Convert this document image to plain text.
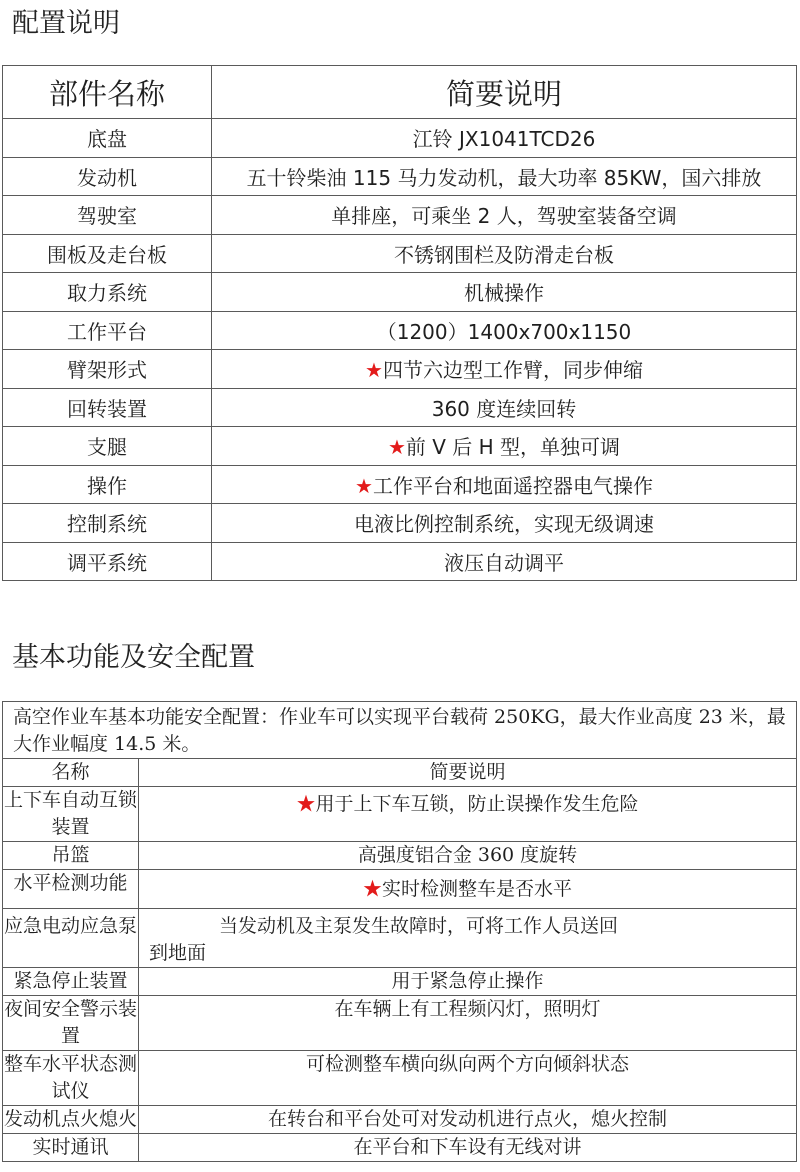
配置说明
部件名称	简要说明
底盘	江铃 JX1041TCD26
发动机	五十铃柴油 115 马力发动机，最大功率 85KW，国六排放
驾驶室	单排座，可乘坐 2 人，驾驶室装备空调
围板及走台板	不锈钢围栏及防滑走台板
取力系统	机械操作
工作平台	（1200）1400x700x1150
臂架形式	★四节六边型工作臂，同步伸缩
回转装置	360 度连续回转
支腿	★前 V 后 H 型，单独可调
操作	★工作平台和地面遥控器电气操作
控制系统	电液比例控制系统，实现无级调速
调平系统	液压自动调平
基本功能及安全配置
高空作业车基本功能安全配置：作业车可以实现平台载荷 250KG，最大作业高度 23 米，最大作业幅度 14.5 米。	
名称	简要说明
上下车自动互锁装置	★用于上下车互锁，防止误操作发生危险
吊篮	高强度铝合金 360 度旋转
水平检测功能	★实时检测整车是否水平
应急电动应急泵	当发动机及主泵发生故障时，可将工作人员送回
到地面

紧急停止装置	用于紧急停止操作
夜间安全警示装置	在车辆上有工程频闪灯，照明灯
整车水平状态测试仪	可检测整车横向纵向两个方向倾斜状态
发动机点火熄火	在转台和平台处可对发动机进行点火，熄火控制
实时通讯	在平台和下车设有无线对讲
